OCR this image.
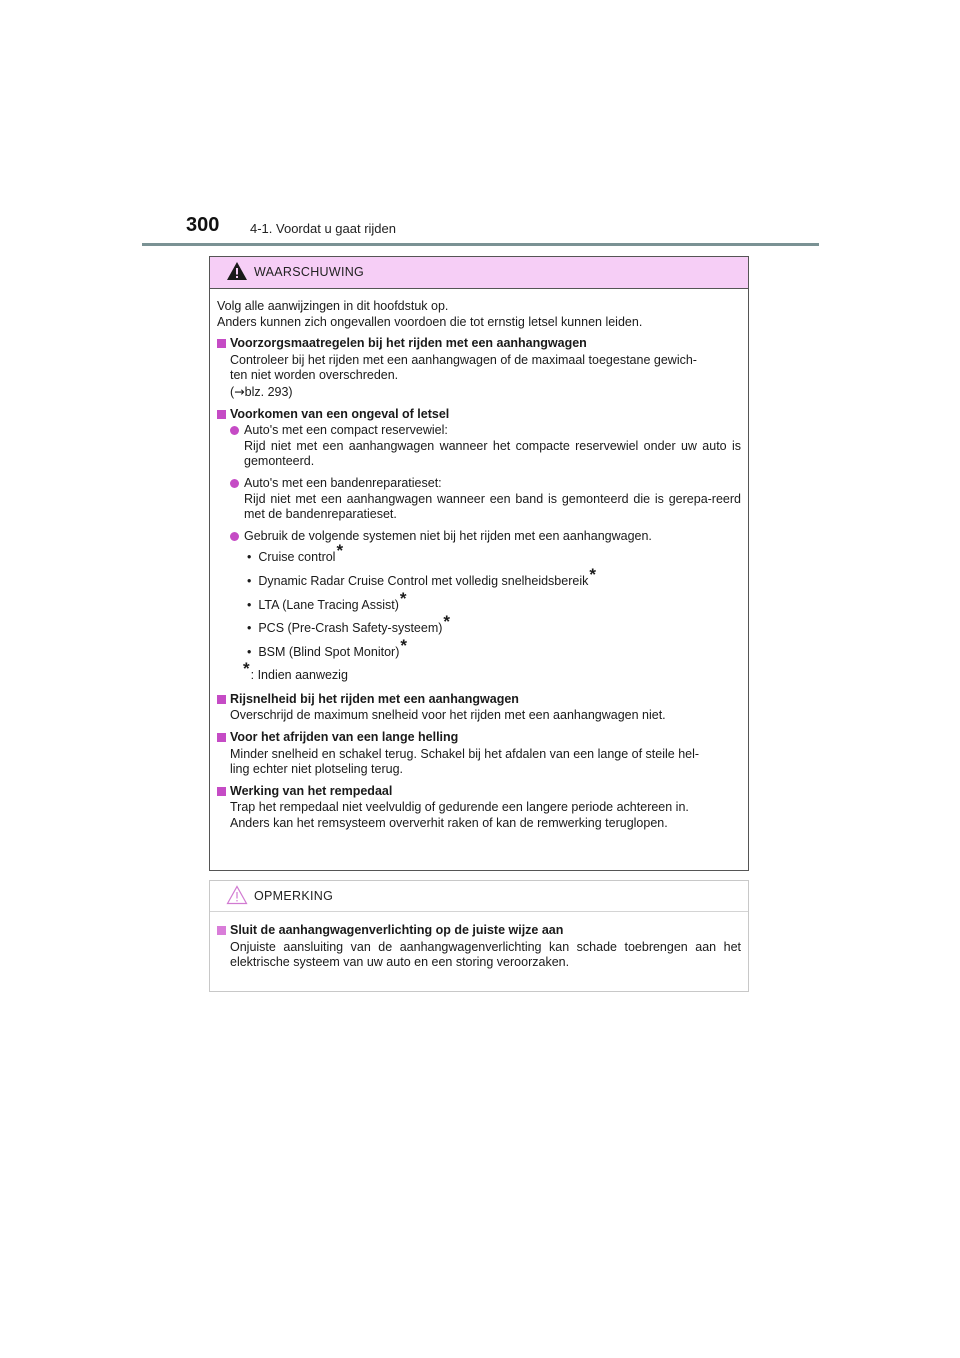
300 4-1. Voordat u gaat rijden
WAARSCHUWING
Volg alle aanwijzingen in dit hoofdstuk op.
Anders kunnen zich ongevallen voordoen die tot ernstig letsel kunnen leiden.
Voorzorgsmaatregelen bij het rijden met een aanhangwagen
Controleer bij het rijden met een aanhangwagen of de maximaal toegestane gewich-
ten niet worden overschreden.
(→blz. 293)
Voorkomen van een ongeval of letsel
Auto's met een compact reservewiel:
Rijd niet met een aanhangwagen wanneer het compacte reservewiel onder uw auto is gemonteerd.
Auto's met een bandenreparatieset:
Rijd niet met een aanhangwagen wanneer een band is gemonteerd die is gerepa-reerd met de bandenreparatieset.
Gebruik de volgende systemen niet bij het rijden met een aanhangwagen.
• Cruise control*
• Dynamic Radar Cruise Control met volledig snelheidsbereik*
• LTA (Lane Tracing Assist)*
• PCS (Pre-Crash Safety-systeem)*
• BSM (Blind Spot Monitor)*
*: Indien aanwezig
Rijsnelheid bij het rijden met een aanhangwagen
Overschrijd de maximum snelheid voor het rijden met een aanhangwagen niet.
Voor het afrijden van een lange helling
Minder snelheid en schakel terug. Schakel bij het afdalen van een lange of steile hel-
ling echter niet plotseling terug.
Werking van het rempedaal
Trap het rempedaal niet veelvuldig of gedurende een langere periode achtereen in.
Anders kan het remsysteem oververhit raken of kan de remwerking teruglopen.
OPMERKING
Sluit de aanhangwagenverlichting op de juiste wijze aan
Onjuiste aansluiting van de aanhangwagenverlichting kan schade toebrengen aan het elektrische systeem van uw auto en een storing veroorzaken.
